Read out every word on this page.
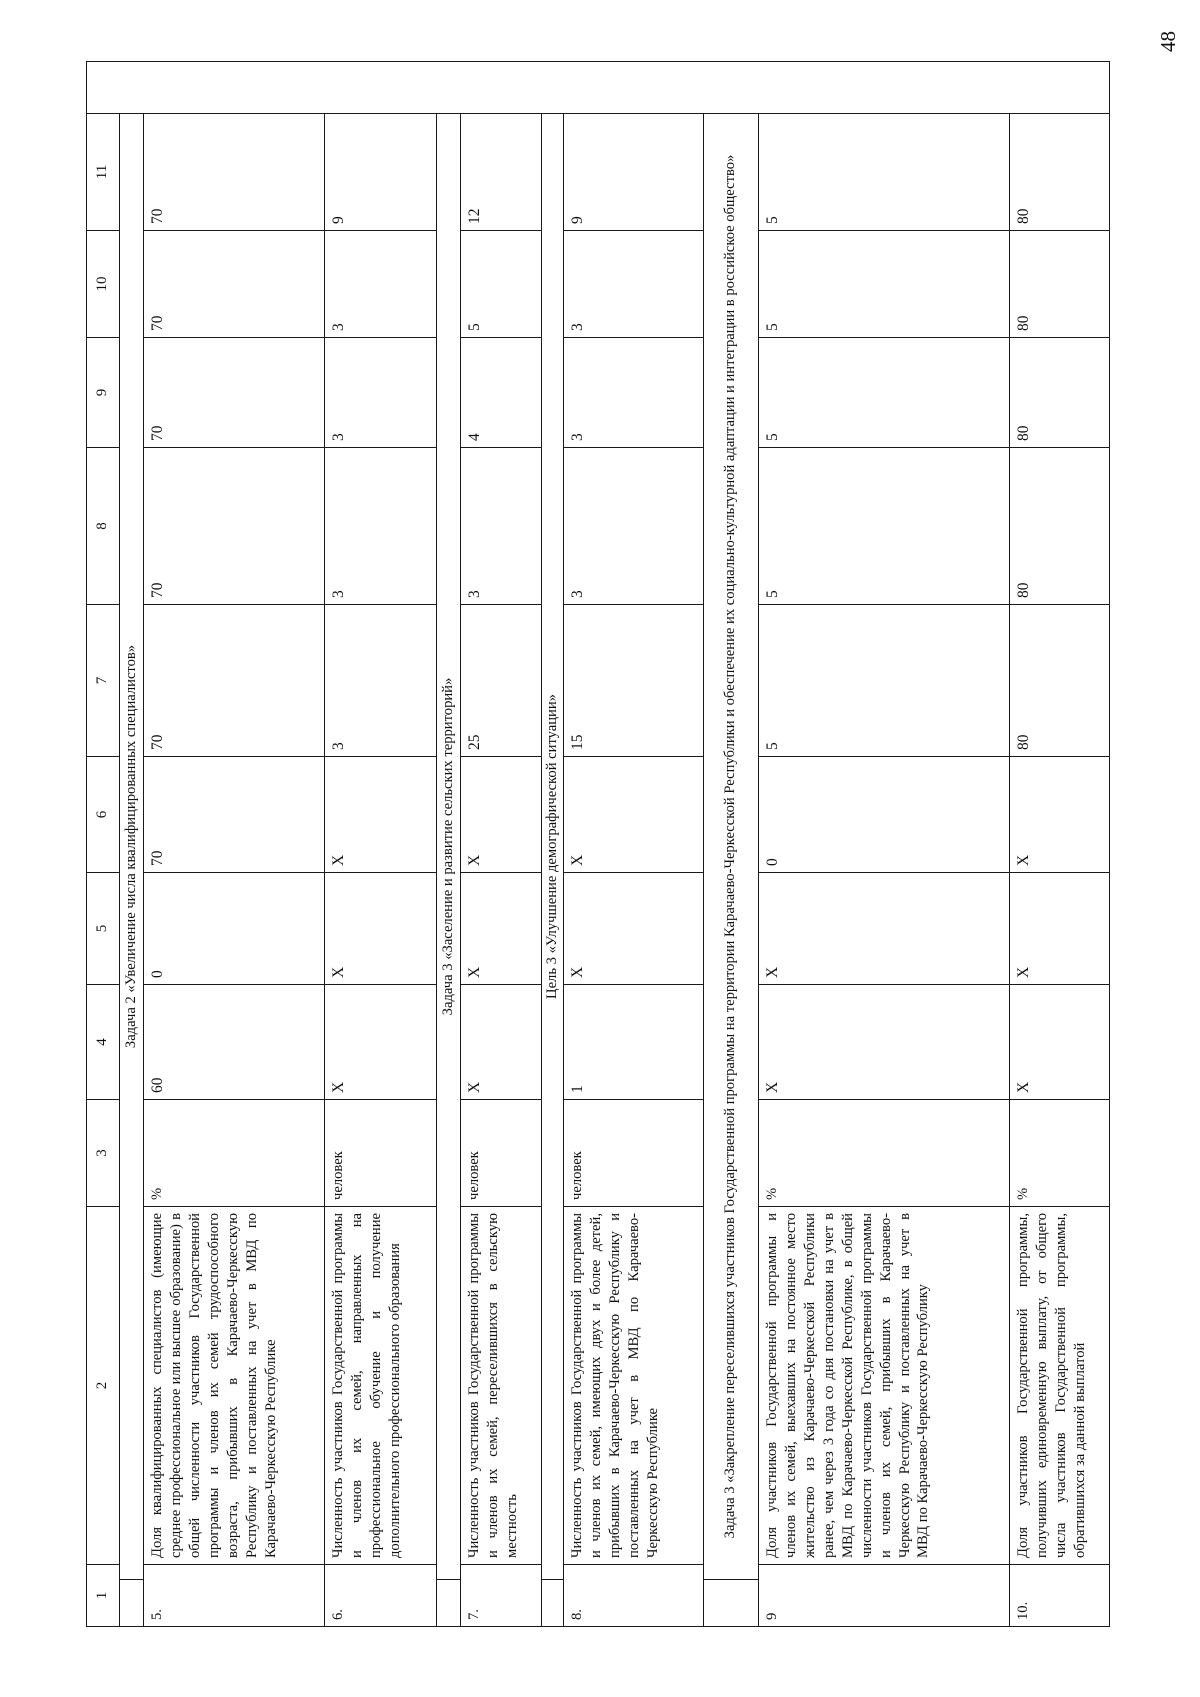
48
1		2	3	4	5	6	7	8	9	10	11	
	Задача 2 «Увеличение числа квалифицированных специалистов»											
5.		Доля квалифицированных специалистов (имеющие среднее профессиональное или высшее образование) в общей численности участников Государственной программы и членов их семей трудоспособного возраста, прибывших в Карачаево-Черкесскую Республику и поставленных на учет в МВД по Карачаево-Черкесскую Республике	%	60	0	70	70	70	70	70	70	
6.		Численность участников Государственной программы и членов их семей, направленных на профессиональное обучение и получение дополнительного профессионального образования	человек	X	X	X	3	3	3	3	9	
	Задача 3 «Заселение и развитие сельских территорий»											
7.		Численность участников Государственной программы и членов их семей, переселившихся в сельскую местность	человек	X	X	X	25	3	4	5	12	
	Цель 3 «Улучшение демографической ситуации»											
8.		Численность участников Государственной программы и членов их семей, имеющих двух и более детей, прибывших в Карачаево-Черкесскую Республику и поставленных на учет в МВД по Карачаево-Черкесскую Республике	человек	1	X	X	15	3	3	3	9	
	Задача 3 «Закрепление переселившихся участников Государственной программы на территории Карачаево-Черкесской Республики и обеспечение их социально-культурной адаптации и интеграции в российское общество»											
9		Доля участников Государственной программы и членов их семей, выехавших на постоянное место жительство из Карачаево-Черкесской Республики ранее, чем через 3 года со дня постановки на учет в МВД по Карачаево-Черкесской Республике, в общей численности участников Государственной программы и членов их семей, прибывших в Карачаево-Черкесскую Республику и поставленных на учет в МВД по Карачаево-Черкесскую Республику	%	X	X	0	5	5	5	5	5	
10.		Доля участников Государственной программы, получивших единовременную выплату, от общего числа участников Государственной программы, обратившихся за данной выплатой	%	X	X	X	80	80	80	80	80	
